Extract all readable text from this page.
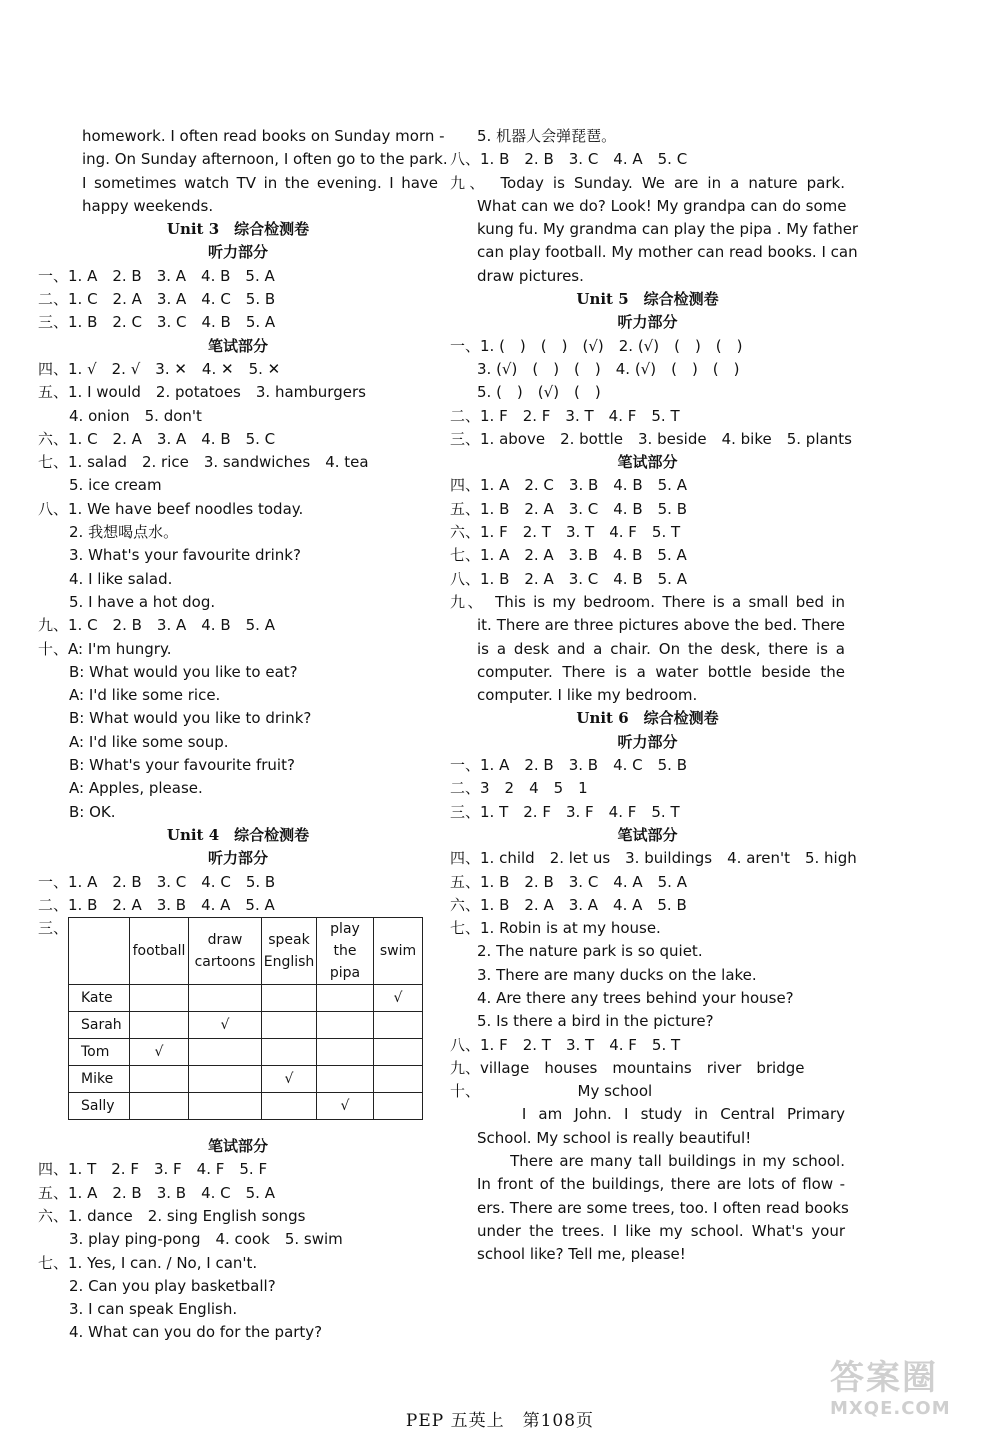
homework. I often read books on Sunday morn -
ing. On Sunday afternoon, I often go to the park.
I sometimes watch TV in the evening. I have
happy weekends.
Unit 3　综合检测卷
听力部分
一、1. A　2. B　3. A　4. B　5. A
二、1. C　2. A　3. A　4. C　5. B
三、1. B　2. C　3. C　4. B　5. A
笔试部分
四、1. √　2. √　3. ✕　4. ✕　5. ✕
五、1. I would　2. potatoes　3. hamburgers
4. onion　5. don't
六、1. C　2. A　3. A　4. B　5. C
七、1. salad　2. rice　3. sandwiches　4. tea
5. ice cream
八、1. We have beef noodles today.
2. 我想喝点水。
3. What's your favourite drink?
4. I like salad.
5. I have a hot dog.
九、1. C　2. B　3. A　4. B　5. A
十、A: I'm hungry.
B: What would you like to eat?
A: I'd like some rice.
B: What would you like to drink?
A: I'd like some soup.
B: What's your favourite fruit?
A: Apples, please.
B: OK.
Unit 4　综合检测卷
听力部分
一、1. A　2. B　3. C　4. C　5. B
二、1. B　2. A　3. B　4. A　5. A
三、
	football	draw cartoons	speak English	play the pipa	swim
Kate					√
Sarah		√			
Tom	√				
Mike			√		
Sally				√	
笔试部分
四、1. T　2. F　3. F　4. F　5. F
五、1. A　2. B　3. B　4. C　5. A
六、1. dance　2. sing English songs
3. play ping-pong　4. cook　5. swim
七、1. Yes, I can. / No, I can't.
2. Can you play basketball?
3. I can speak English.
4. What can you do for the party?
5. 机器人会弹琵琶。
八、1. B　2. B　3. C　4. A　5. C
九、　Today is Sunday. We are in a nature park.
What can we do? Look! My grandpa can do some
kung fu. My grandma can play the pipa . My father
can play football. My mother can read books. I can
draw pictures.
Unit 5　综合检测卷
听力部分
一、1. (　)　(　)　(√)　2. (√)　(　)　(　)
3. (√)　(　)　(　)　4. (√)　(　)　(　)
5. (　)　(√)　(　)
二、1. F　2. F　3. T　4. F　5. T
三、1. above　2. bottle　3. beside　4. bike　5. plants
笔试部分
四、1. A　2. C　3. B　4. B　5. A
五、1. B　2. A　3. C　4. B　5. B
六、1. F　2. T　3. T　4. F　5. T
七、1. A　2. A　3. B　4. B　5. A
八、1. B　2. A　3. C　4. B　5. A
九、　This is my bedroom. There is a small bed in
it. There are three pictures above the bed. There
is a desk and a chair. On the desk, there is a
computer. There is a water bottle beside the
computer. I like my bedroom.
Unit 6　综合检测卷
听力部分
一、1. A　2. B　3. B　4. C　5. B
二、3　2　4　5　1
三、1. T　2. F　3. F　4. F　5. T
笔试部分
四、1. child　2. let us　3. buildings　4. aren't　5. high
五、1. B　2. B　3. C　4. A　5. A
六、1. B　2. A　3. A　4. A　5. B
七、1. Robin is at my house.
2. The nature park is so quiet.
3. There are many ducks on the lake.
4. Are there any trees behind your house?
5. Is there a bird in the picture?
八、1. F　2. T　3. T　4. F　5. T
九、village　houses　mountains　river　bridge
十、　　　　　　　My school
　　I am John. I study in Central Primary
School. My school is really beautiful!
　　There are many tall buildings in my school.
In front of the buildings, there are lots of flow -
ers. There are some trees, too. I often read books
under the trees. I like my school. What's your
school like? Tell me, please!
PEP 五英上　第108页
答案圈
MXQE.COM
